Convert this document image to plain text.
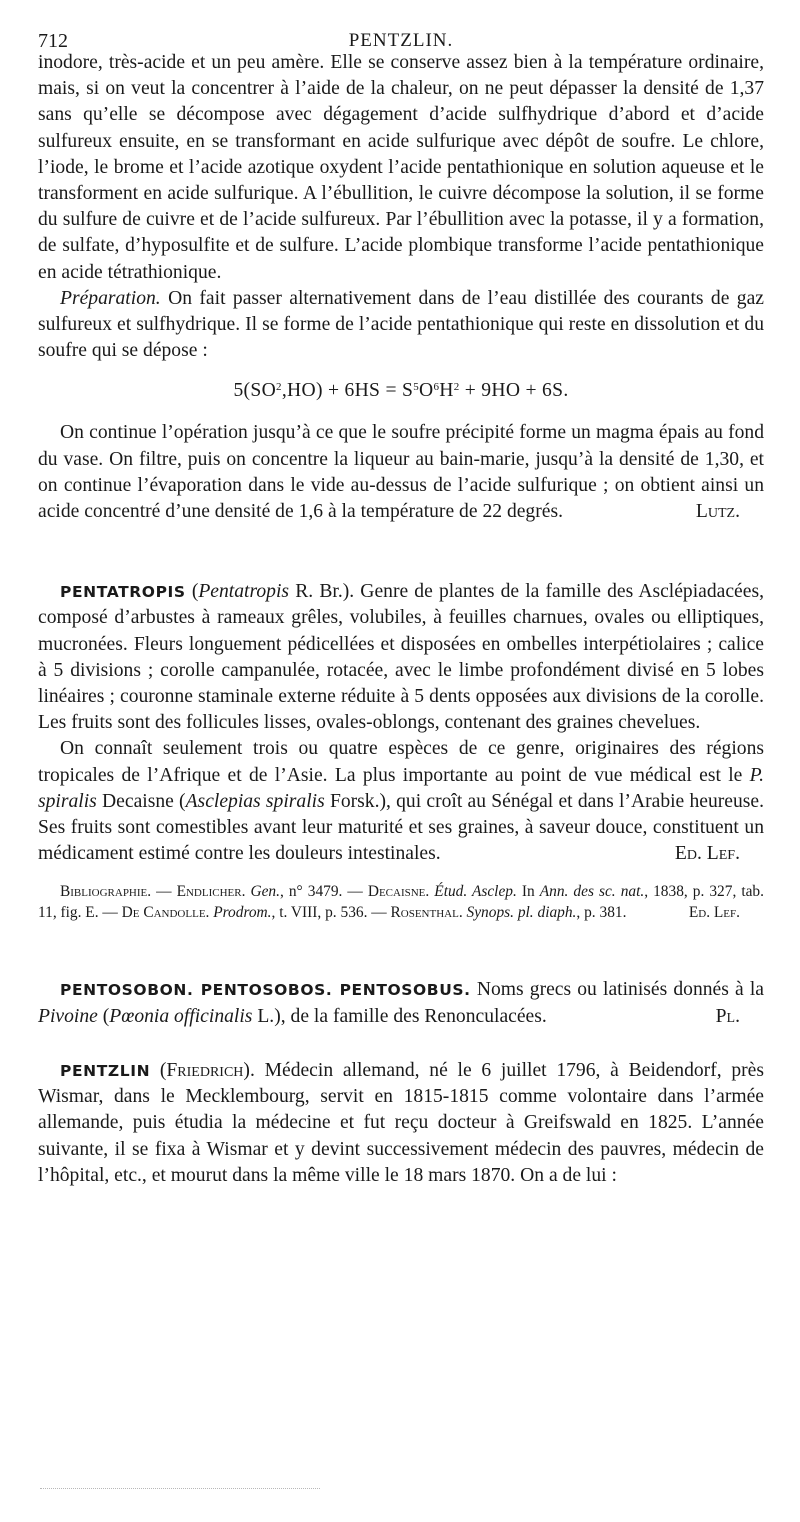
712	PENTZLIN.

inodore, très-acide et un peu amère. Elle se conserve assez bien à la température ordinaire, mais, si on veut la concentrer à l’aide de la chaleur, on ne peut dépasser la densité de 1,37 sans qu’elle se décompose avec dégagement d’acide sulfhydrique d’abord et d’acide sulfureux ensuite, en se transformant en acide sulfurique avec dépôt de soufre. Le chlore, l’iode, le brome et l’acide azotique oxydent l’acide pentathionique en solution aqueuse et le transforment en acide sulfurique. A l’ébullition, le cuivre décompose la solution, il se forme du sulfure de cuivre et de l’acide sulfureux. Par l’ébullition avec la potasse, il y a formation, de sulfate, d’hyposulfite et de sulfure. L’acide plombique transforme l’acide pentathionique en acide tétrathionique.

Préparation. On fait passer alternativement dans de l’eau distillée des courants de gaz sulfureux et sulfhydrique. Il se forme de l’acide pentathionique qui reste en dissolution et du soufre qui se dépose :

$5(SO^2,HO) + 6HS = S^5O^6H^2 + 9HO + 6S$.

On continue l’opération jusqu’à ce que le soufre précipité forme un magma épais au fond du vase. On filtre, puis on concentre la liqueur au bain-marie, jusqu’à la densité de 1,30, et on continue l’évaporation dans le vide au-dessus de l’acide sulfurique ; on obtient ainsi un acide concentré d’une densité de 1,6 à la température de 22 degrés.	Lutz.

PENTATROPIS (Pentatropis R. Br.). Genre de plantes de la famille des Asclépiadacées, composé d’arbustes à rameaux grêles, volubiles, à feuilles charnues, ovales ou elliptiques, mucronées. Fleurs longuement pédicellées et disposées en ombelles interpétiolaires ; calice à 5 divisions ; corolle campanulée, rotacée, avec le limbe profondément divisé en 5 lobes linéaires ; couronne staminale externe réduite à 5 dents opposées aux divisions de la corolle. Les fruits sont des follicules lisses, ovales-oblongs, contenant des graines chevelues.

On connaît seulement trois ou quatre espèces de ce genre, originaires des régions tropicales de l’Afrique et de l’Asie. La plus importante au point de vue médical est le P. spiralis Decaisne (Asclepias spiralis Forsk.), qui croît au Sénégal et dans l’Arabie heureuse. Ses fruits sont comestibles avant leur maturité et ses graines, à saveur douce, constituent un médicament estimé contre les douleurs intestinales.	Ed. Lef.

Bibliographie. — Endlicher. Gen., n° 3479. — Decaisne. Étud. Asclep. In Ann. des sc. nat., 1838, p. 327, tab. 11, fig. E. — De Candolle. Prodrom., t. VIII, p. 536. — Rosenthal. Synops. pl. diaph., p. 381.	Ed. Lef.

PENTOSOBON. PENTOSOBOS. PENTOSOBUS. Noms grecs ou latinisés donnés à la Pivoine (Pœonia officinalis L.), de la famille des Renonculacées.	Pl.

PENTZLIN (Friedrich). Médecin allemand, né le 6 juillet 1796, à Beidendorf, près Wismar, dans le Mecklembourg, servit en 1815-1815 comme volontaire dans l’armée allemande, puis étudia la médecine et fut reçu docteur à Greifswald en 1825. L’année suivante, il se fixa à Wismar et y devint successivement médecin des pauvres, médecin de l’hôpital, etc., et mourut dans la même ville le 18 mars 1870. On a de lui :
